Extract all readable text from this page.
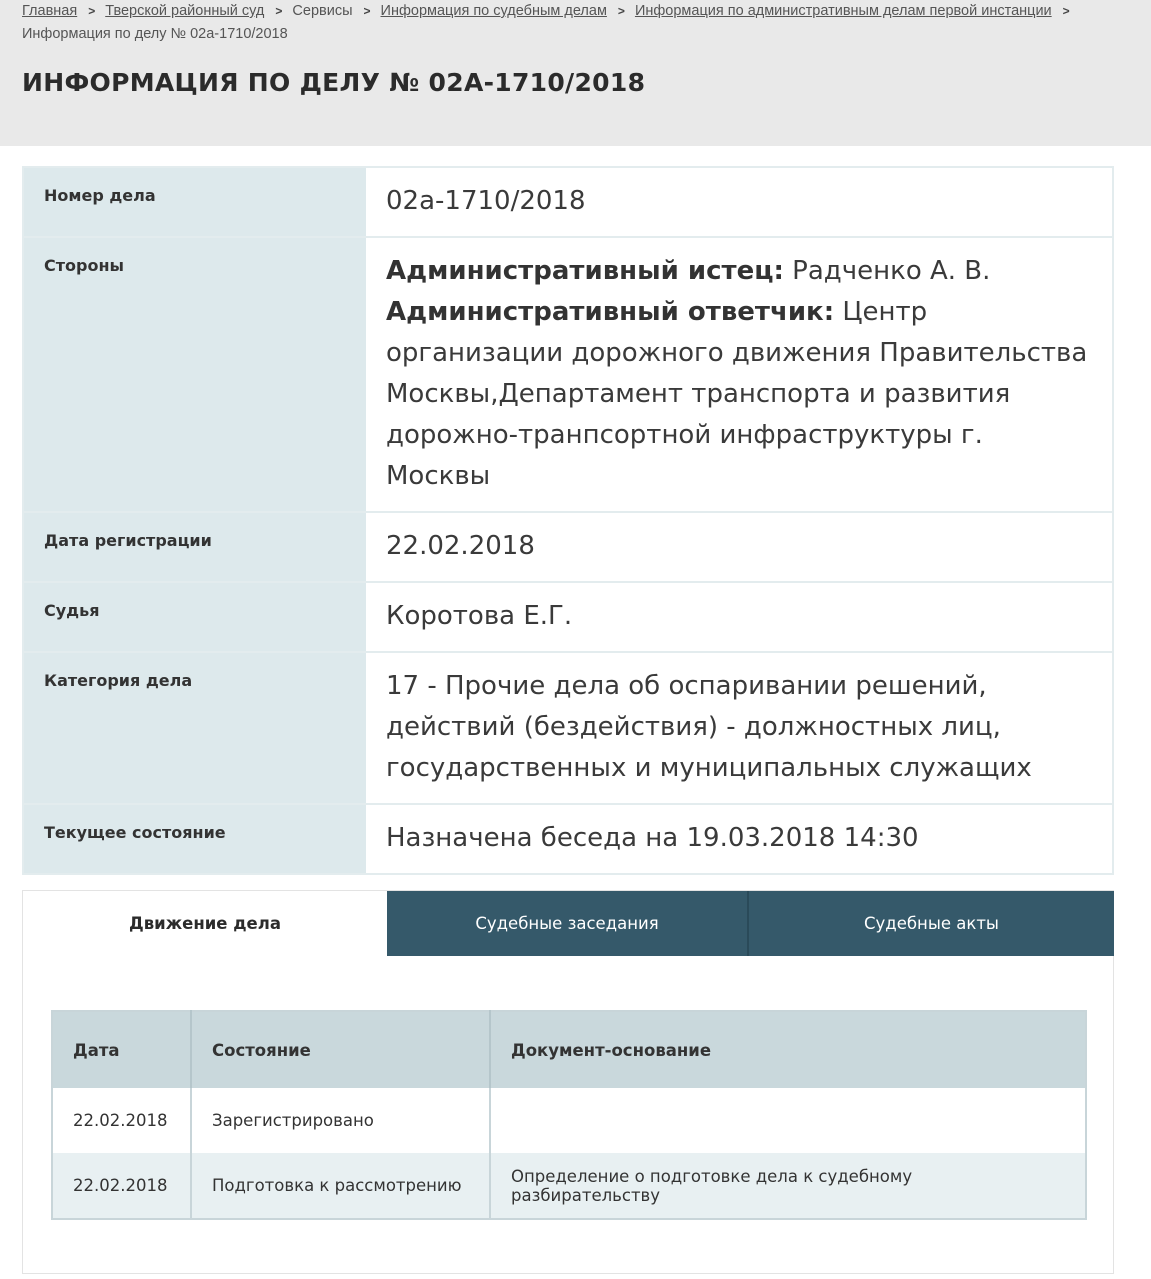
Главная > Тверской районный суд > Сервисы > Информация по судебным делам > Информация по административным делам первой инстанции >Информация по делу № 02а-1710/2018
ИНФОРМАЦИЯ ПО ДЕЛУ № 02А-1710/2018
Номер дела	02а-1710/2018
Стороны	Административный истец: Радченко А. В.
Административный ответчик: Центр организации дорожного движения Правительства Москвы,Департамент транспорта и развития дорожно-транпсортной инфраструктуры г. Москвы
Дата регистрации	22.02.2018
Судья	Коротова Е.Г.
Категория дела	17 - Прочие дела об оспаривании решений, действий (бездействия) - должностных лиц, государственных и муниципальных служащих
Текущее состояние	Назначена беседа на 19.03.2018 14:30
Движение дела	Судебные заседания	Судебные акты
Дата	Состояние	Документ-основание
22.02.2018	Зарегистрировано	
22.02.2018	Подготовка к рассмотрению	Определение о подготовке дела к судебному разбирательству
